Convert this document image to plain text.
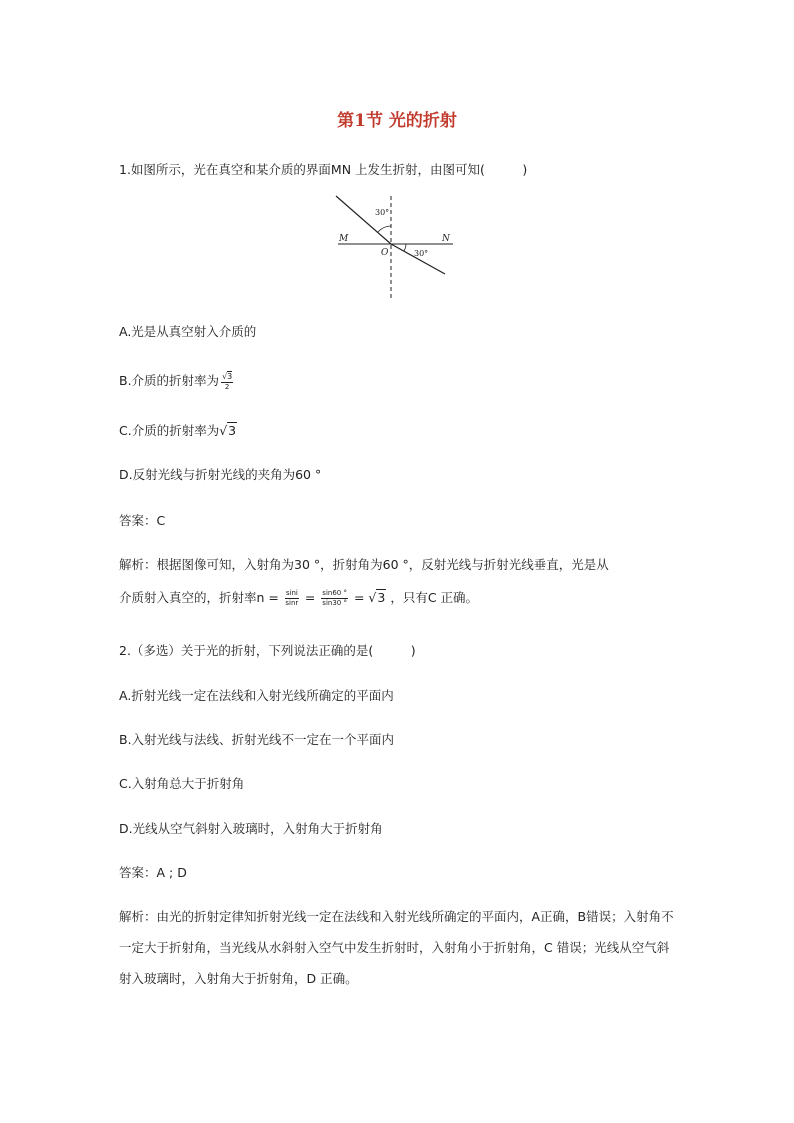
第1节 光的折射
1.如图所示，光在真空和某介质的界面MN 上发生折射，由图可知(　　　)
30°
30°
M	N
O
A.光是从真空射入介质的
B.介质的折射率为 $\frac{√3}{2}$
C.介质的折射率为√3
D.反射光线与折射光线的夹角为60 °
答案：C
解析：根据图像可知，入射角为30 °，折射角为60 °，反射光线与折射光线垂直，光是从
介质射入真空的，折射率$n = \frac{\sin i}{\sin r} = \frac{\sin 60 ^\circ}{\sin 30 ^\circ} = √3$ ，只有C 正确。
2.（多选）关于光的折射，下列说法正确的是(　　　)
A.折射光线一定在法线和入射光线所确定的平面内
B.入射光线与法线、折射光线不一定在一个平面内
C.入射角总大于折射角
D.光线从空气斜射入玻璃时，入射角大于折射角
答案：A ; D
解析：由光的折射定律知折射光线一定在法线和入射光线所确定的平面内，A正确，B错误；入射角不一定大于折射角，当光线从水斜射入空气中发生折射时，入射角小于折射角，C 错误；光线从空气斜射入玻璃时，入射角大于折射角，D 正确。
